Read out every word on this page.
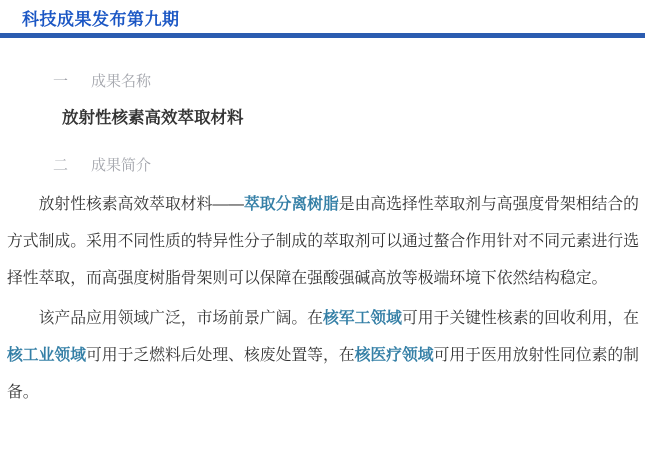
科技成果发布第九期
一	成果名称
放射性核素高效萃取材料
二	成果简介

放射性核素高效萃取材料——萃取分离树脂是由高选择性萃取剂与高强度骨架相结合的方式制成。采用不同性质的特异性分子制成的萃取剂可以通过螯合作用针对不同元素进行选择性萃取，而高强度树脂骨架则可以保障在强酸强碱高放等极端环境下依然结构稳定。

该产品应用领域广泛，市场前景广阔。在核军工领域可用于关键性核素的回收利用，在核工业领域可用于乏燃料后处理、核废处置等，在核医疗领域可用于医用放射性同位素的制备。
